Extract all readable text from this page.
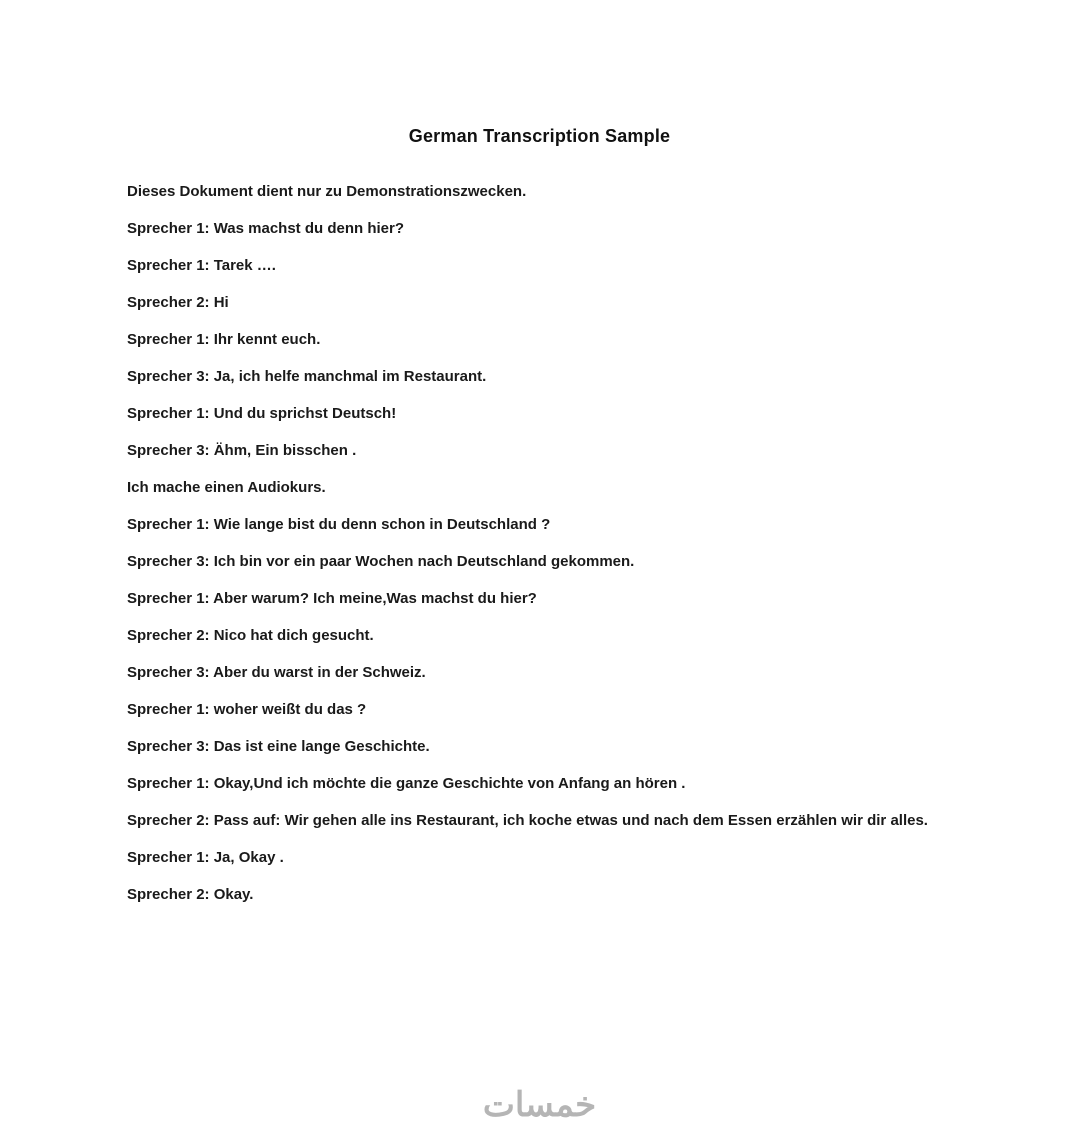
German Transcription Sample

Dieses Dokument dient nur zu Demonstrationszwecken.

Sprecher 1: Was machst du denn hier?

Sprecher 1: Tarek ….

Sprecher 2: Hi

Sprecher 1: Ihr kennt euch.

Sprecher 3: Ja, ich helfe manchmal im Restaurant.

Sprecher 1: Und du sprichst Deutsch!

Sprecher 3: Ähm, Ein bisschen .

Ich mache einen Audiokurs.

Sprecher 1: Wie lange bist du denn schon in Deutschland ?

Sprecher 3: Ich bin vor ein paar Wochen nach Deutschland gekommen.

Sprecher 1: Aber warum? Ich meine,Was machst du hier?

Sprecher 2: Nico hat dich gesucht.

Sprecher 3: Aber du warst in der Schweiz.

Sprecher 1: woher weißt du das ?

Sprecher 3: Das ist eine lange Geschichte.

Sprecher 1: Okay,Und ich möchte die ganze Geschichte von Anfang an hören .

Sprecher 2: Pass auf: Wir gehen alle ins Restaurant, ich koche etwas und nach dem Essen erzählen wir dir alles.

Sprecher 1: Ja, Okay .

Sprecher 2: Okay.

خمسات
